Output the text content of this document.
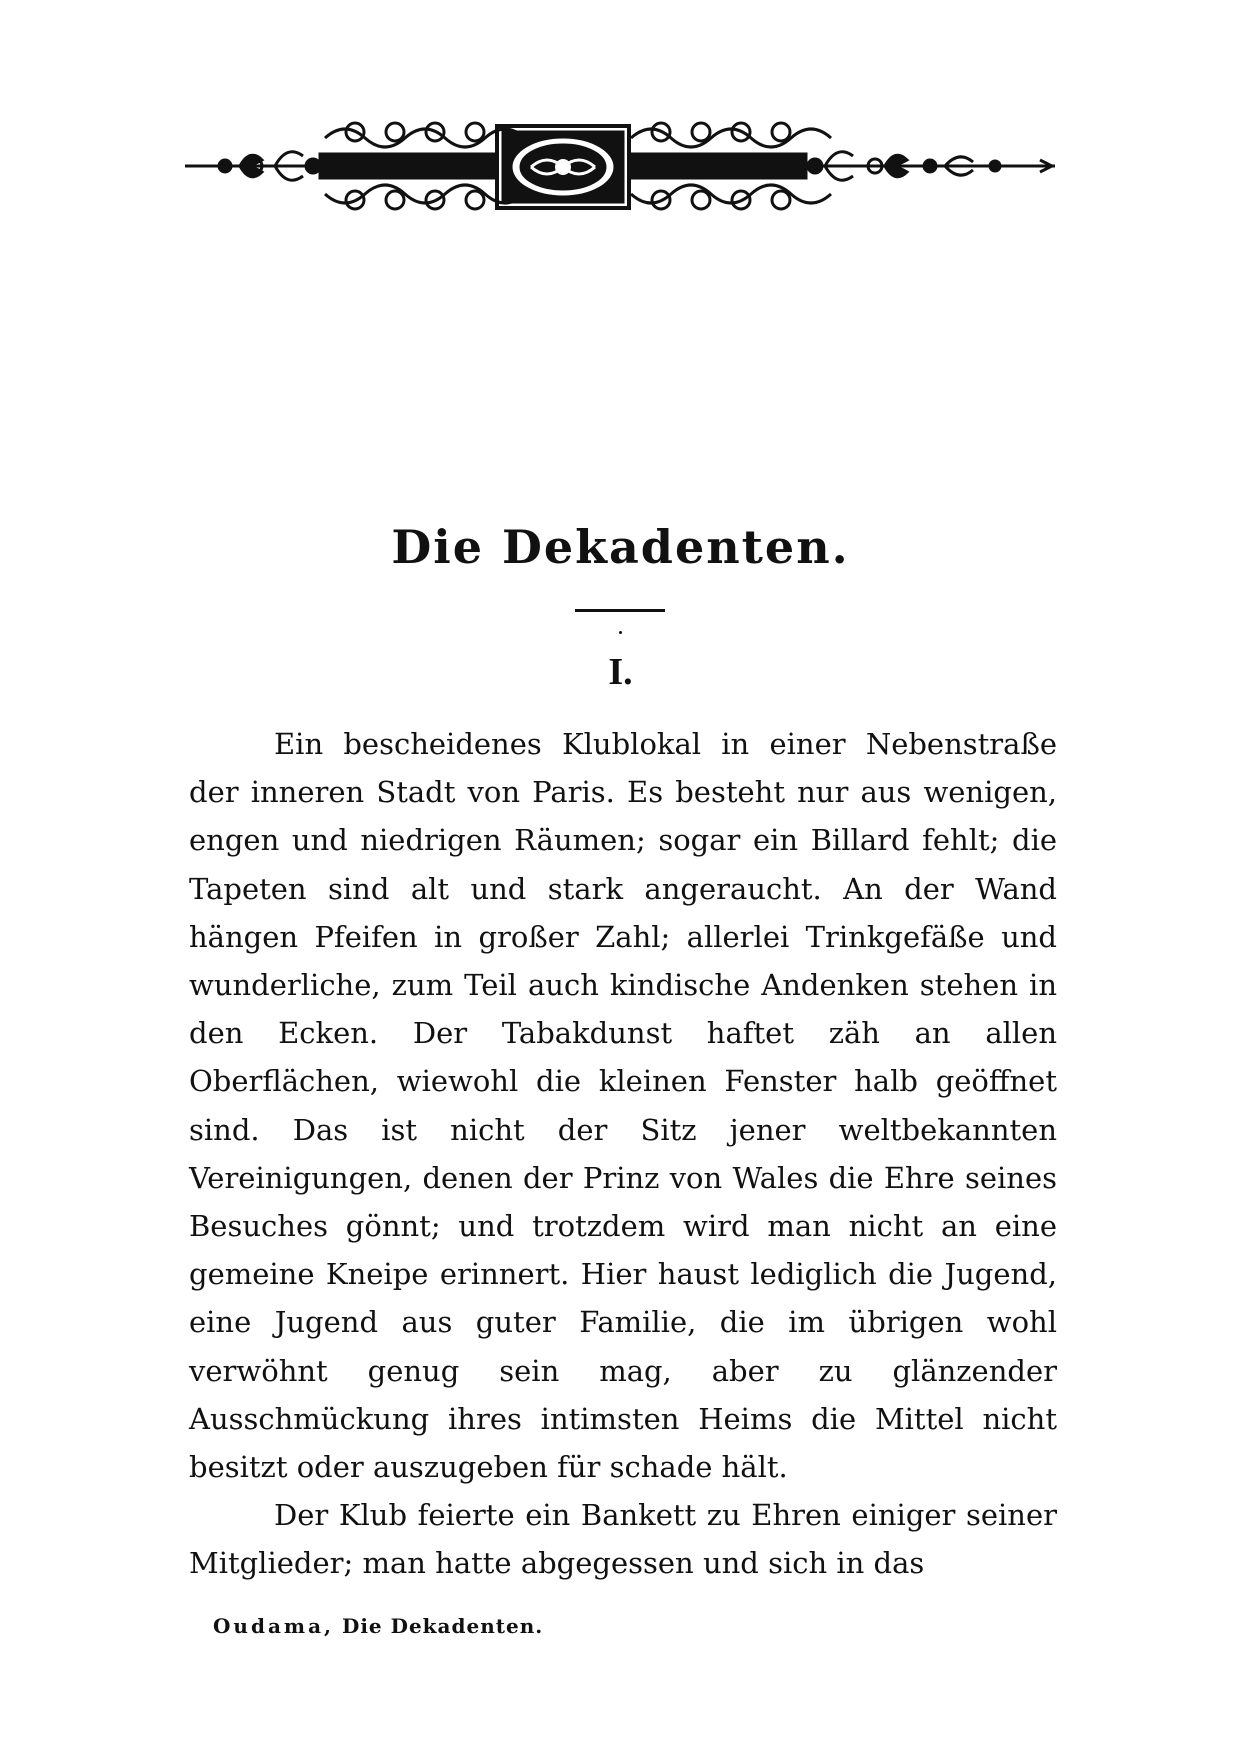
Die Dekadenten.
I.

Ein bescheidenes Klublokal in einer Nebenstraße der inneren Stadt von Paris. Es besteht nur aus wenigen, engen und niedrigen Räumen; sogar ein Billard fehlt; die Tapeten sind alt und stark angeraucht. An der Wand hängen Pfeifen in großer Zahl; allerlei Trinkgefäße und wunderliche, zum Teil auch kindische Andenken stehen in den Ecken. Der Tabakdunst haftet zäh an allen Oberflächen, wiewohl die kleinen Fenster halb geöffnet sind. Das ist nicht der Sitz jener weltbekannten Vereinigungen, denen der Prinz von Wales die Ehre seines Besuches gönnt; und trotzdem wird man nicht an eine gemeine Kneipe erinnert. Hier haust lediglich die Jugend, eine Jugend aus guter Familie, die im übrigen wohl verwöhnt genug sein mag, aber zu glänzender Ausschmückung ihres intimsten Heims die Mittel nicht besitzt oder auszugeben für schade hält.

Der Klub feierte ein Bankett zu Ehren einiger seiner Mitglieder; man hatte abgegessen und sich in das

Oudama, Die Dekadenten.
